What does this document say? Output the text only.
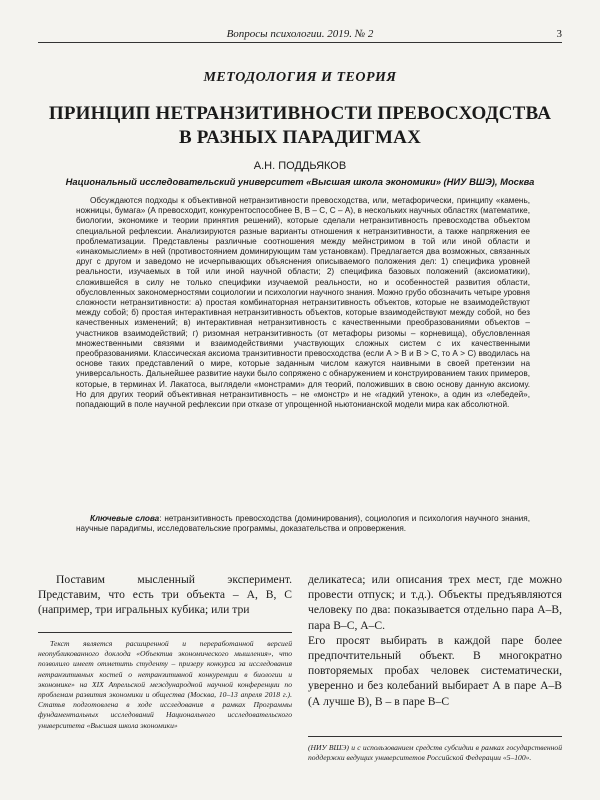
Вопросы психологии. 2019. № 2	3
МЕТОДОЛОГИЯ И ТЕОРИЯ
ПРИНЦИП НЕТРАНЗИТИВНОСТИ ПРЕВОСХОДСТВА
В РАЗНЫХ ПАРАДИГМАХ
А.Н. ПОДДЬЯКОВ
Национальный исследовательский университет «Высшая школа экономики» (НИУ ВШЭ), Москва

Обсуждаются подходы к объективной нетранзитивности превосходства, или, метафорически, принципу «камень, ножницы, бумага» (А превосходит, конкурентоспособнее В, В – С, С – А), в нескольких научных областях (математике, биологии, экономике и теории принятия решений), которые сделали нетранзитивность превосходства объектом специальной рефлексии. Анализируются разные варианты отношения к нетранзитивности, а также напряжения ее проблематизации. Представлены различные соотношения между мейнстримом в той или иной области и «инакомыслием» в ней (противостоянием доминирующим там установкам). Предлагается два возможных, связанных друг с другом и заведомо не исчерпывающих объяснения описываемого положения дел: 1) специфика уровней реальности, изучаемых в той или иной научной области; 2) специфика базовых положений (аксиоматики), сложившейся в силу не только специфики изучаемой реальности, но и особенностей развития области, обусловленных закономерностями социологии и психологии научного знания. Можно грубо обозначить четыре уровня сложности нетранзитивности: а) простая комбинаторная нетранзитивность объектов, которые не взаимодействуют между собой; б) простая интерактивная нетранзитивность объектов, которые взаимодействуют между собой, но без качественных изменений; в) интерактивная нетранзитивность с качественными преобразованиями объектов – участников взаимодействий; г) ризомная нетранзитивность (от метафоры ризомы – корневища), обусловленная множественными связями и взаимодействиями участвующих сложных систем с их качественными преобразованиями. Классическая аксиома транзитивности превосходства (если А > В и В > С, то А > С) вводилась на основе таких представлений о мире, которые заданным числом кажутся наивными в своей претензии на универсальность. Дальнейшее развитие науки было сопряжено с обнаружением и конструированием таких примеров, которые, в терминах И. Лакатоса, выглядели «монстрами» для теорий, положивших в свою основу данную аксиому. Но для других теорий объективная нетранзитивность – не «монстр» и не «гадкий утенок», а один из «лебедей», попадающий в поле научной рефлексии при отказе от упрощенной ньютонианской модели мира как абсолютной.

Ключевые слова: нетранзитивность превосходства (доминирования), социология и психология научного знания, научные парадигмы, исследовательские программы, доказательства и опровержения.

Поставим мысленный эксперимент. Представим, что есть три объекта – А, В, С (например, три игральных кубика; или три

деликатеса; или описания трех мест, где можно провести отпуск; и т.д.). Объекты предъявляются человеку по два: показывается отдельно пара А–В, пара В–С, А–С.

Его просят выбирать в каждой паре более предпочтительный объект. В многократно повторяемых пробах человек систематически, уверенно и без колебаний выбирает А в паре А–В (А лучше В), В – в паре В–С

Текст является расширенной и переработанной версией неопубликованного доклода «Объектив экономического мышления», что позволило имеет отметить студенту – призеру конкурса за исследования нетранзитивных костей о нетранзитивной конкуренции в биологии и экономике» на XIX Апрельской международной научной конференции по проблемам развития экономики и общества (Москва, 10–13 апреля 2018 г.). Статья подготовлена в ходе исследования в рамках Программы фундаментальных исследований Национального исследовательского университета «Высшая школа экономики»
(НИУ ВШЭ) и с использованием средств субсидии в рамках государственной поддержки ведущих университетов Российской Федерации «5–100».
